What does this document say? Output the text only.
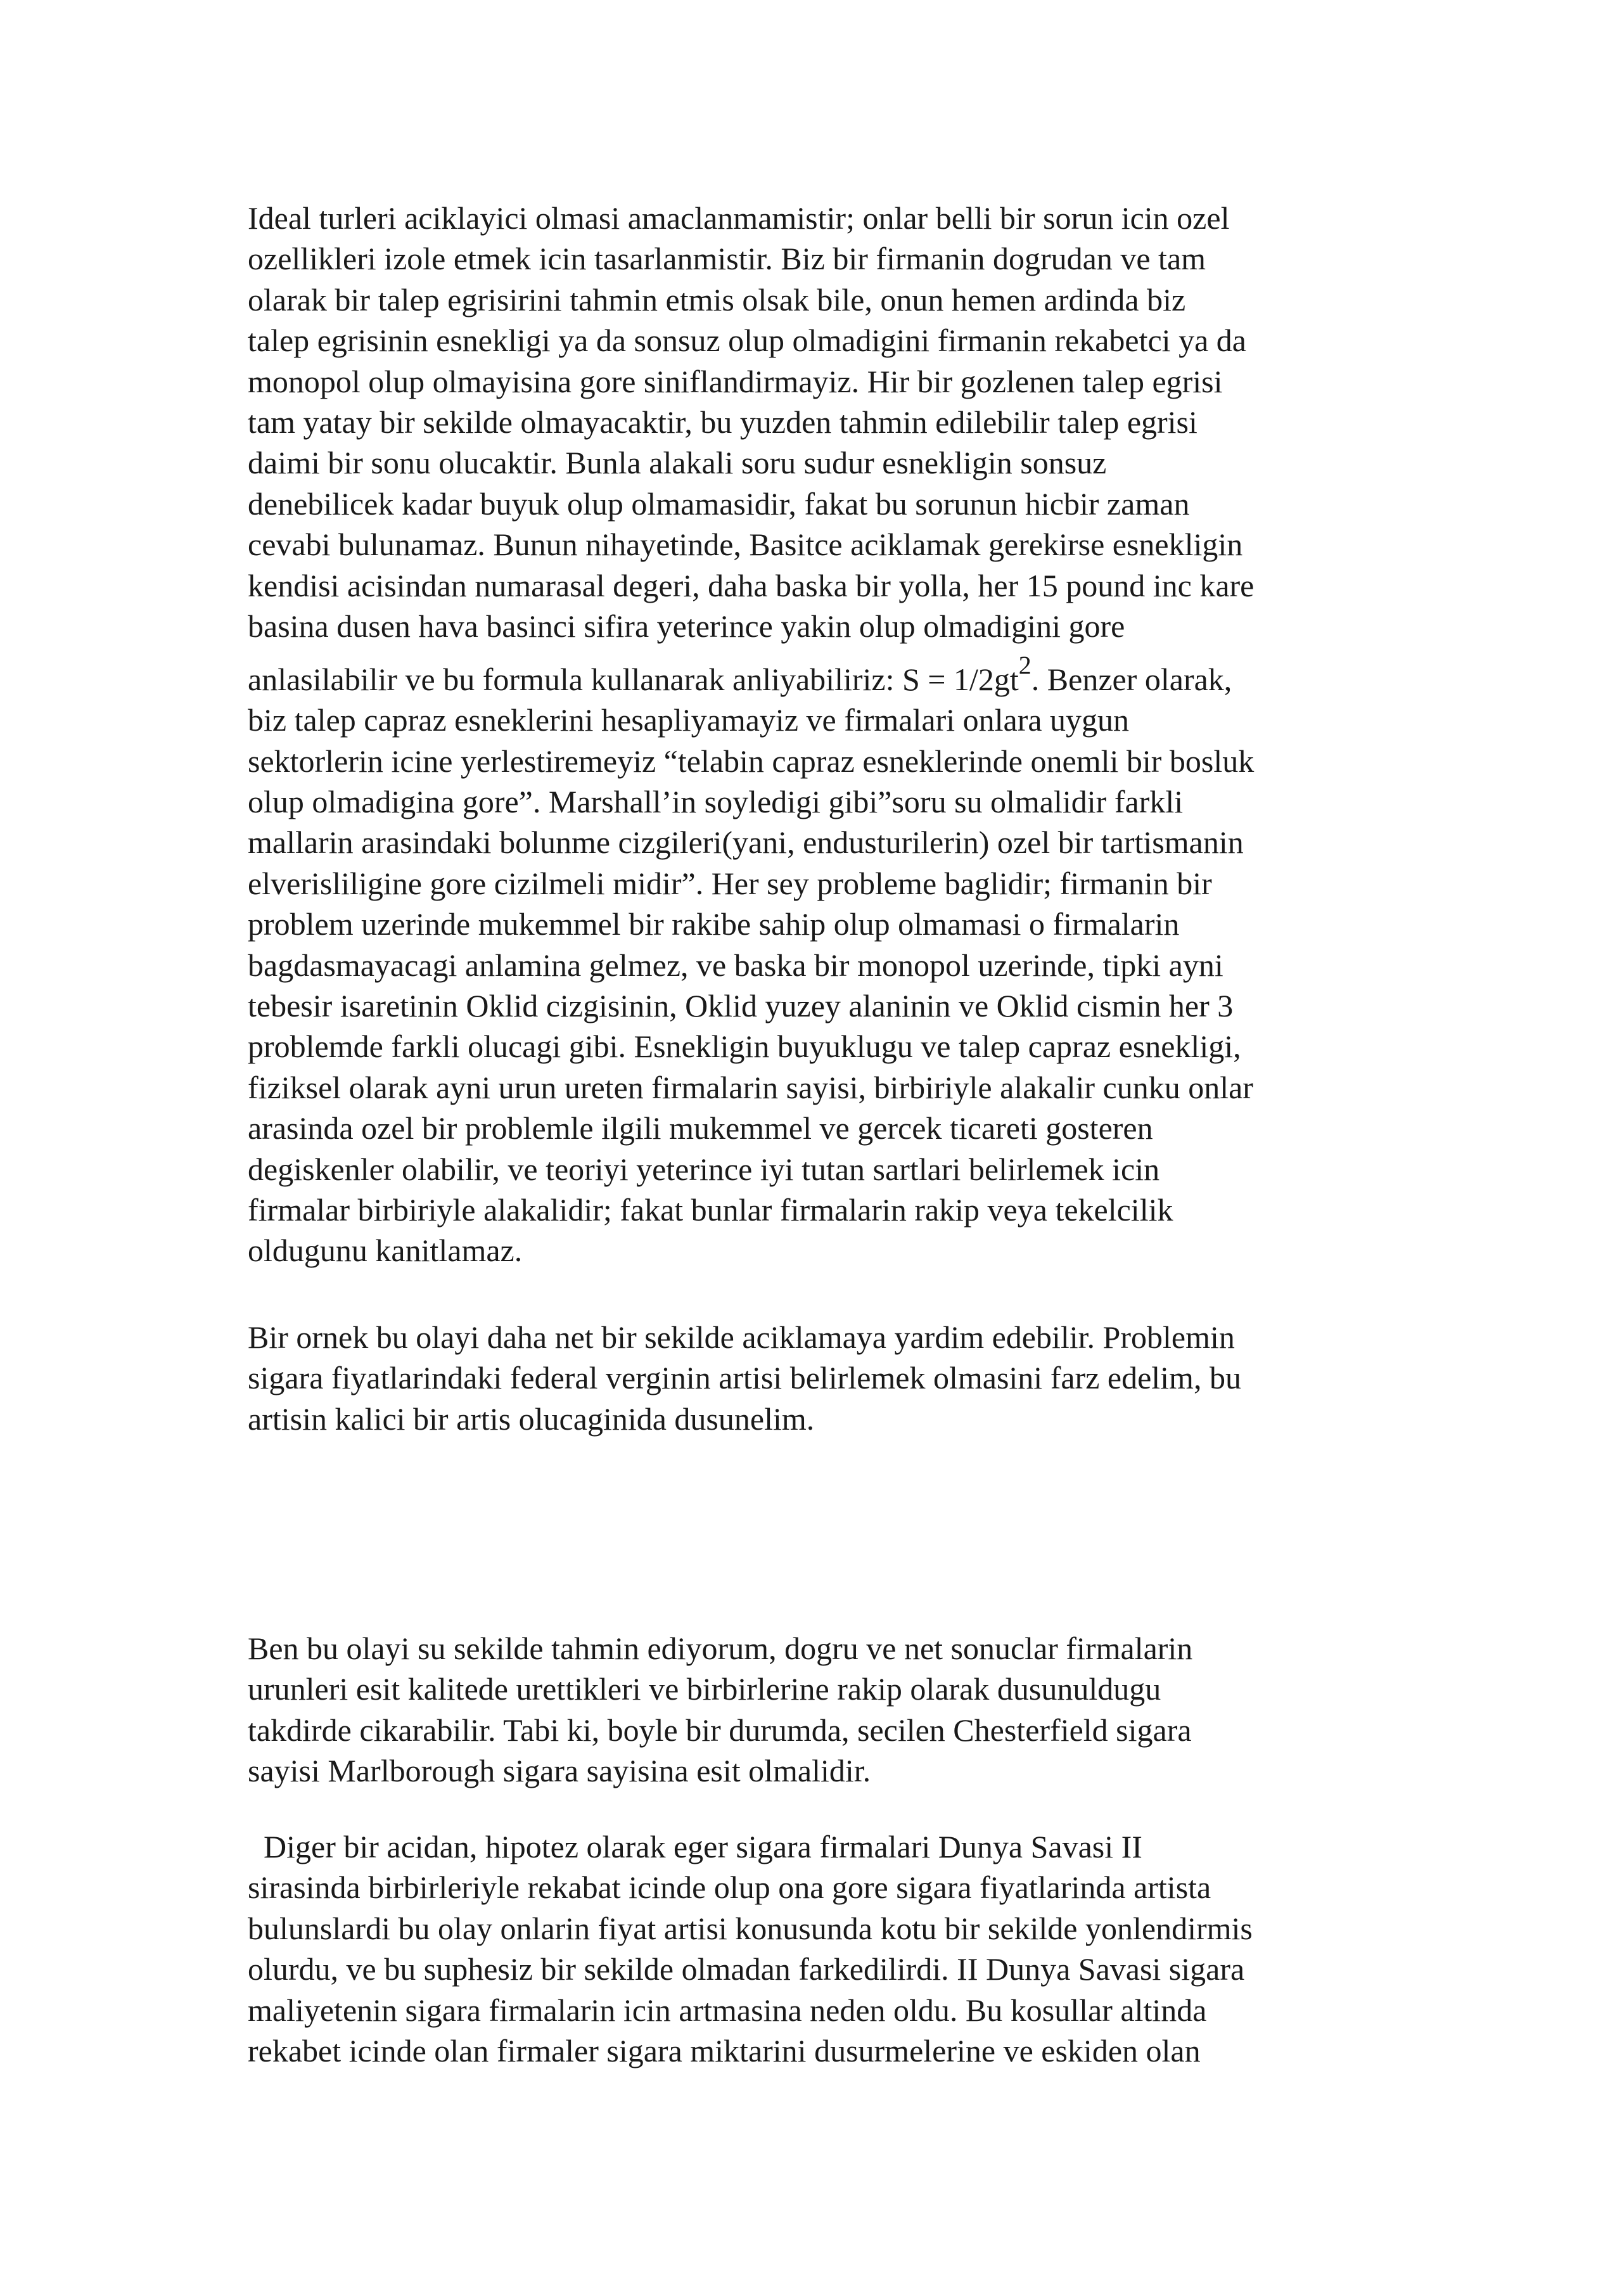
Ideal turleri aciklayici olmasi amaclanmamistir; onlar belli bir sorun icin ozel
ozellikleri izole etmek icin tasarlanmistir. Biz bir firmanin dogrudan ve tam
olarak bir talep egrisirini tahmin etmis olsak bile, onun hemen ardinda biz
talep egrisinin esnekligi ya da sonsuz olup olmadigini firmanin rekabetci ya da
monopol olup olmayisina gore siniflandirmayiz. Hir bir gozlenen talep egrisi
tam yatay bir sekilde olmayacaktir, bu yuzden tahmin edilebilir talep egrisi
daimi bir sonu olucaktir. Bunla alakali soru sudur esnekligin sonsuz
denebilicek kadar buyuk olup olmamasidir, fakat bu sorunun hicbir zaman
cevabi bulunamaz. Bunun nihayetinde, Basitce aciklamak gerekirse esnekligin
kendisi acisindan numarasal degeri, daha baska bir yolla, her 15 pound inc kare
basina dusen hava basinci sifira yeterince yakin olup olmadigini gore
anlasilabilir ve bu formula kullanarak anliyabiliriz: $S = 1/2gt^2$. Benzer olarak,
biz talep capraz esneklerini hesapliyamayiz ve firmalari onlara uygun
sektorlerin icine yerlestiremeyiz “telabin capraz esneklerinde onemli bir bosluk
olup olmadigina gore”. Marshall’in soyledigi gibi”soru su olmalidir farkli
mallarin arasindaki bolunme cizgileri(yani, endusturilerin) ozel bir tartismanin
elverisliligine gore cizilmeli midir”. Her sey probleme baglidir; firmanin bir
problem uzerinde mukemmel bir rakibe sahip olup olmamasi o firmalarin
bagdasmayacagi anlamina gelmez, ve baska bir monopol uzerinde, tipki ayni
tebesir isaretinin Oklid cizgisinin, Oklid yuzey alaninin ve Oklid cismin her 3
problemde farkli olucagi gibi. Esnekligin buyuklugu ve talep capraz esnekligi,
fiziksel olarak ayni urun ureten firmalarin sayisi, birbiriyle alakalir cunku onlar
arasinda ozel bir problemle ilgili mukemmel ve gercek ticareti gosteren
degiskenler olabilir, ve teoriyi yeterince iyi tutan sartlari belirlemek icin
firmalar birbiriyle alakalidir; fakat bunlar firmalarin rakip veya tekelcilik
oldugunu kanitlamaz.
Bir ornek bu olayi daha net bir sekilde aciklamaya yardim edebilir. Problemin
sigara fiyatlarindaki federal verginin artisi belirlemek olmasini farz edelim, bu
artisin kalici bir artis olucaginida dusunelim.
Ben bu olayi su sekilde tahmin ediyorum, dogru ve net sonuclar firmalarin
urunleri esit kalitede urettikleri ve birbirlerine rakip olarak dusunuldugu
takdirde cikarabilir. Tabi ki, boyle bir durumda, secilen Chesterfield sigara
sayisi Marlborough sigara sayisina esit olmalidir.
Diger bir acidan, hipotez olarak eger sigara firmalari Dunya Savasi II
sirasinda birbirleriyle rekabat icinde olup ona gore sigara fiyatlarinda artista
bulunslardi bu olay onlarin fiyat artisi konusunda kotu bir sekilde yonlendirmis
olurdu, ve bu suphesiz bir sekilde olmadan farkedilirdi. II Dunya Savasi sigara
maliyetenin sigara firmalarin icin artmasina neden oldu. Bu kosullar altinda
rekabet icinde olan firmaler sigara miktarini dusurmelerine ve eskiden olan
